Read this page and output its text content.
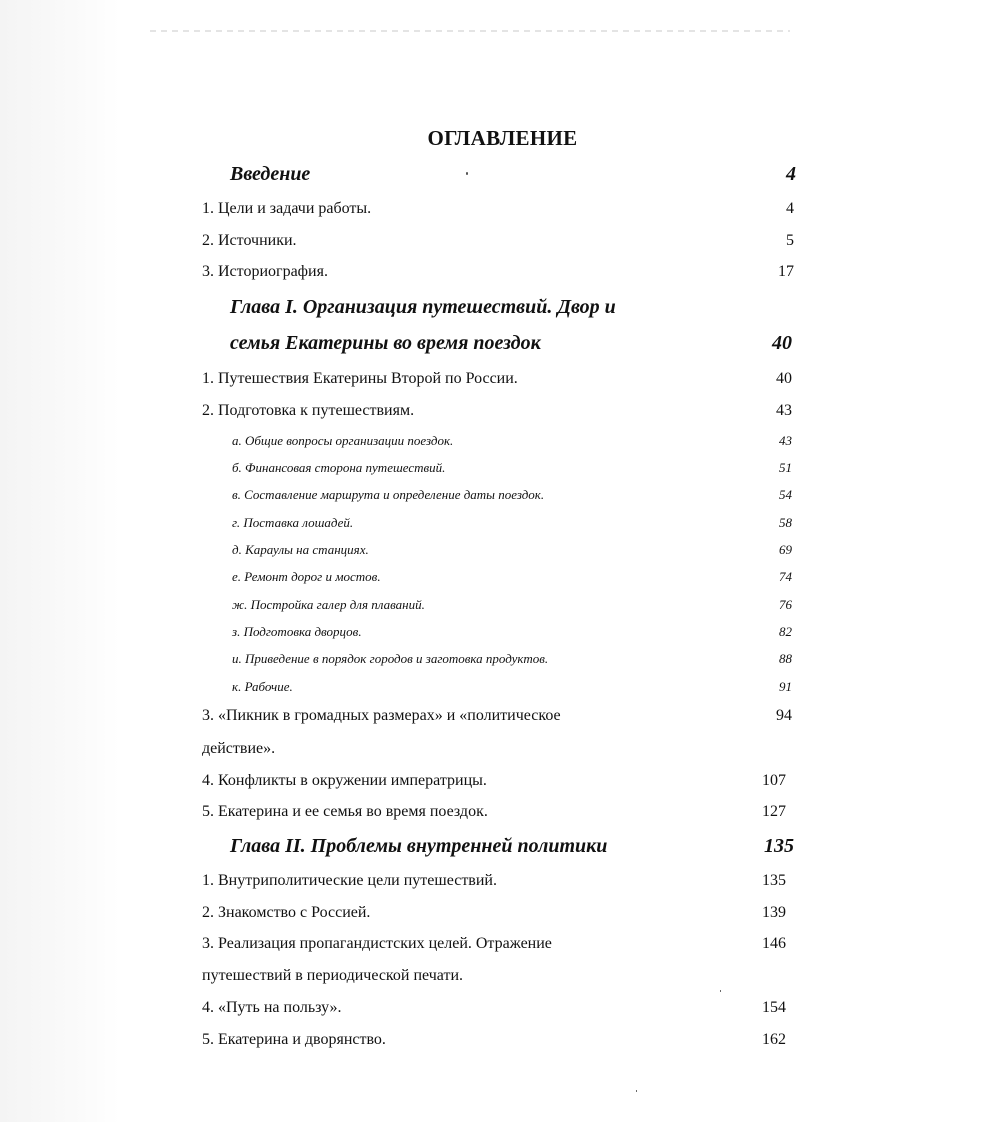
ОГЛАВЛЕНИЕ
Введение	4
1. Цели и задачи работы.	4
2. Источники.	5
3. Историография.	17
Глава I. Организация путешествий. Двор и
семья Екатерины во время поездок	40
1. Путешествия Екатерины Второй по России.	40
2. Подготовка к путешествиям.	43
а. Общие вопросы организации поездок.	43
б. Финансовая сторона путешествий.	51
в. Составление маршрута и определение даты поездок.	54
г. Поставка лошадей.	58
д. Караулы на станциях.	69
е. Ремонт дорог и мостов.	74
ж. Постройка галер для плаваний.	76
з. Подготовка дворцов.	82
и. Приведение в порядок городов и заготовка продуктов.	88
к. Рабочие.	91
3. «Пикник в громадных размерах» и «политическое	94
действие».
4. Конфликты в окружении императрицы.	107
5. Екатерина и ее семья во время поездок.	127
Глава II. Проблемы внутренней политики	135
1. Внутриполитические цели путешествий.	135
2. Знакомство с Россией.	139
3. Реализация пропагандистских целей. Отражение	146
путешествий в периодической печати.
4. «Путь на пользу».	154
5. Екатерина и дворянство.	162
